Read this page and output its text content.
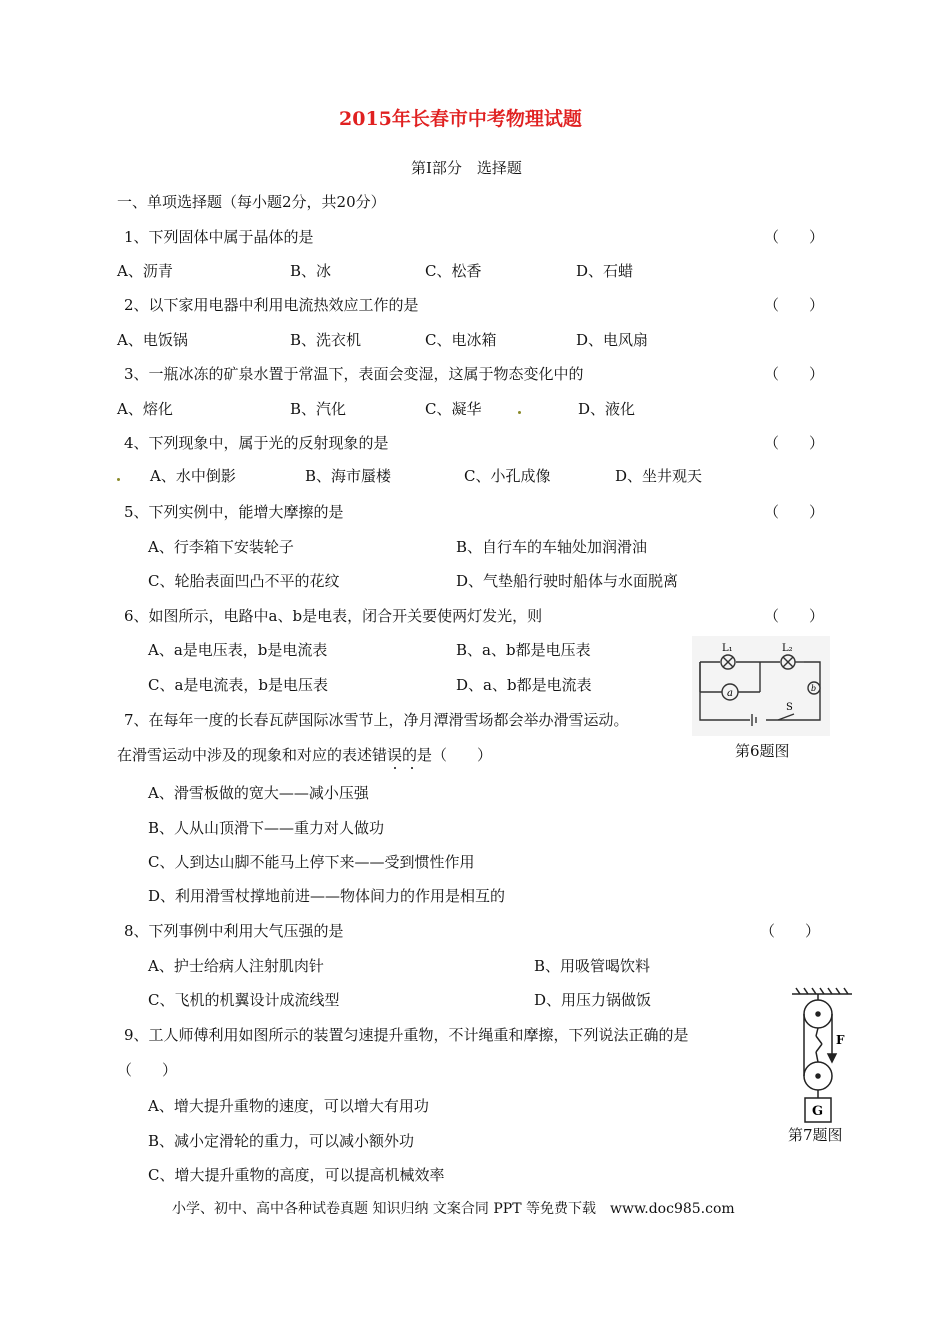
2015年长春市中考物理试题
第Ⅰ部分　选择题
一、单项选择题（每小题2分，共20分）
1、下列固体中属于晶体的是	（　　）
A、沥青	B、冰	C、松香	D、石蜡
2、以下家用电器中利用电流热效应工作的是	（　　）
A、电饭锅	B、洗衣机	C、电冰箱	D、电风扇
3、一瓶冰冻的矿泉水置于常温下，表面会变湿，这属于物态变化中的	（　　）
A、熔化	B、汽化	C、凝华	D、液化
4、下列现象中，属于光的反射现象的是	（　　）
A、水中倒影	B、海市蜃楼	C、小孔成像	D、坐井观天
5、下列实例中，能增大摩擦的是	（　　）
A、行李箱下安装轮子	B、自行车的车轴处加润滑油
C、轮胎表面凹凸不平的花纹	D、气垫船行驶时船体与水面脱离
6、如图所示，电路中a、b是电表，闭合开关要使两灯发光，则	（　　）
A、a是电压表，b是电流表	B、a、b都是电压表
C、a是电流表，b是电压表	D、a、b都是电流表
L₁	L₂
a	b
S
第6题图
7、在每年一度的长春瓦萨国际冰雪节上，净月潭滑雪场都会举办滑雪运动。
在滑雪运动中涉及的现象和对应的表述错误的是（　　）
A、滑雪板做的宽大——减小压强
B、人从山顶滑下——重力对人做功
C、人到达山脚不能马上停下来——受到惯性作用
D、利用滑雪杖撑地前进——物体间力的作用是相互的
8、下列事例中利用大气压强的是	（　　）
A、护士给病人注射肌肉针	B、用吸管喝饮料
C、飞机的机翼设计成流线型	D、用压力锅做饭
F
G
第7题图
9、工人师傅利用如图所示的装置匀速提升重物，不计绳重和摩擦，下列说法正确的是
（　　）
A、增大提升重物的速度，可以增大有用功
B、减小定滑轮的重力，可以减小额外功
C、增大提升重物的高度，可以提高机械效率
小学、初中、高中各种试卷真题 知识归纳 文案合同 PPT 等免费下载　www.doc985.com
